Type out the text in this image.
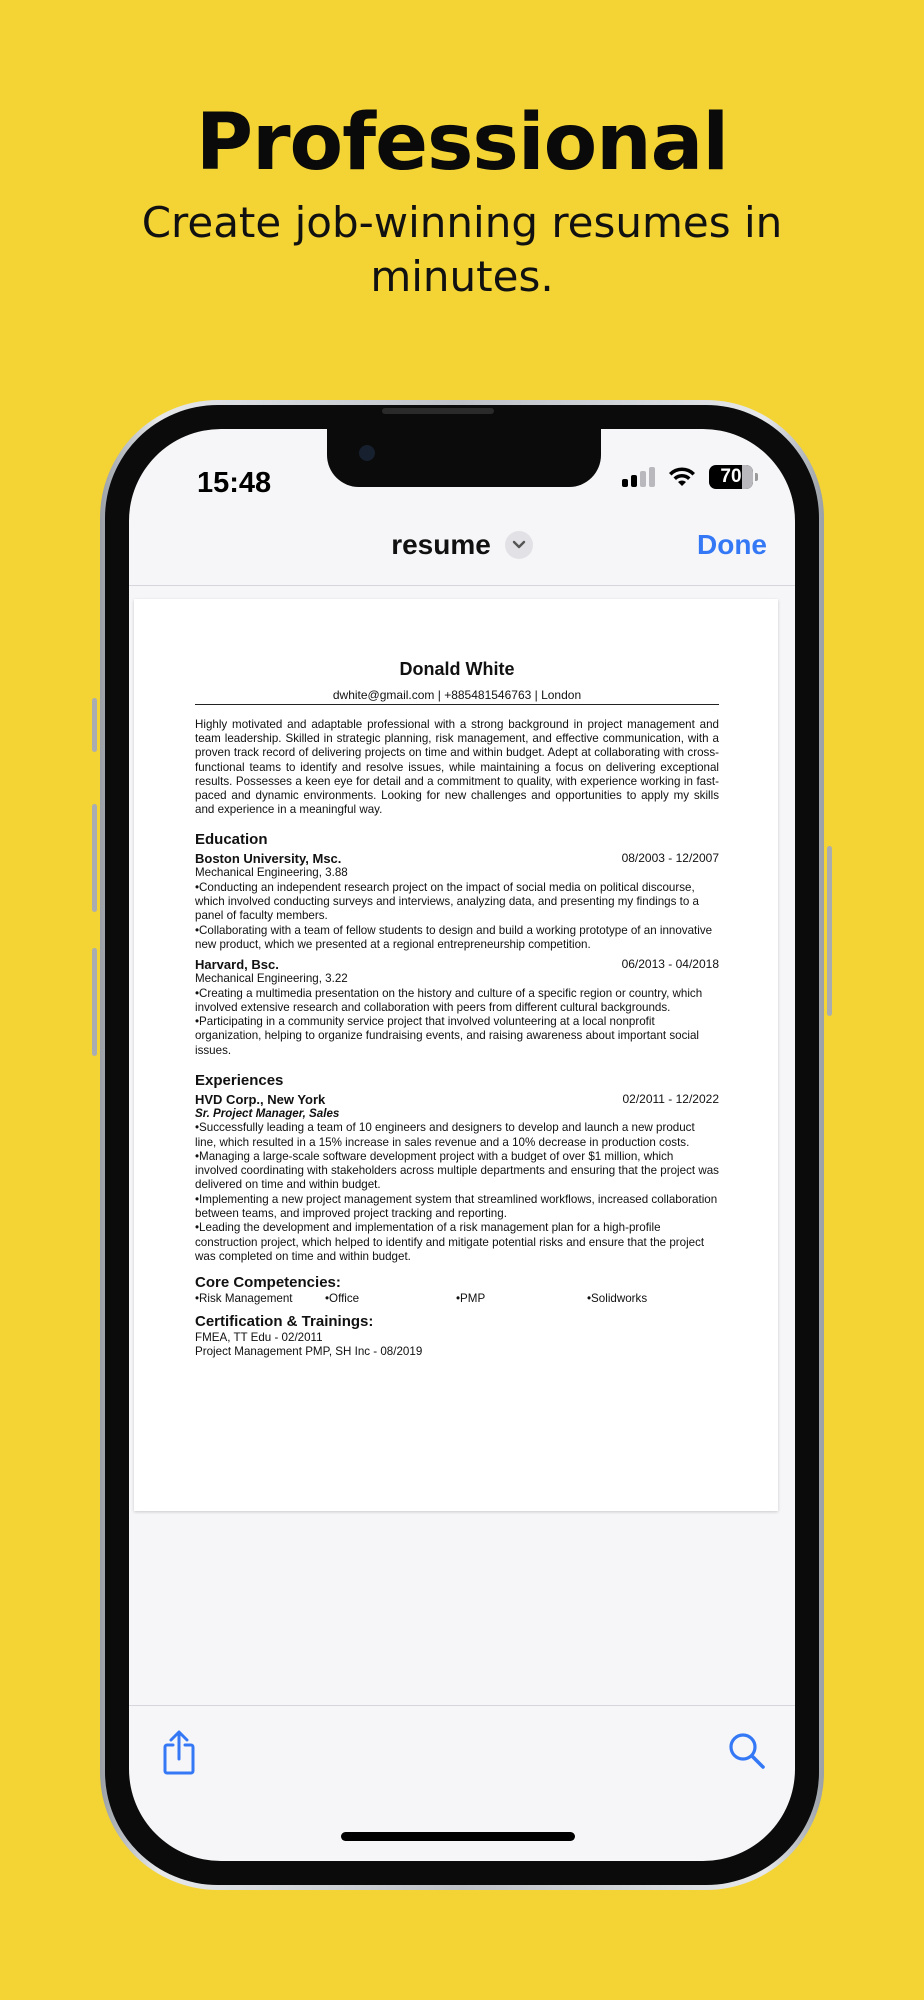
Professional
Create job-winning resumes in minutes.
15:48	70
resume	Done
Donald White
dwhite@gmail.com | +885481546763 | London
Highly motivated and adaptable professional with a strong background in project management and team leadership. Skilled in strategic planning, risk management, and effective communication, with a proven track record of delivering projects on time and within budget. Adept at collaborating with cross-functional teams to identify and resolve issues, while maintaining a focus on delivering exceptional results. Possesses a keen eye for detail and a commitment to quality, with experience working in fast-paced and dynamic environments. Looking for new challenges and opportunities to apply my skills and experience in a meaningful way.
Education
Boston University, Msc.	08/2003 - 12/2007
Mechanical Engineering, 3.88
•Conducting an independent research project on the impact of social media on political discourse, which involved conducting surveys and interviews, analyzing data, and presenting my findings to a panel of faculty members.
•Collaborating with a team of fellow students to design and build a working prototype of an innovative new product, which we presented at a regional entrepreneurship competition.
Harvard, Bsc.	06/2013 - 04/2018
Mechanical Engineering, 3.22
•Creating a multimedia presentation on the history and culture of a specific region or country, which involved extensive research and collaboration with peers from different cultural backgrounds.
•Participating in a community service project that involved volunteering at a local nonprofit organization, helping to organize fundraising events, and raising awareness about important social issues.
Experiences
HVD Corp., New York	02/2011 - 12/2022
Sr. Project Manager, Sales
•Successfully leading a team of 10 engineers and designers to develop and launch a new product line, which resulted in a 15% increase in sales revenue and a 10% decrease in production costs.
•Managing a large-scale software development project with a budget of over $1 million, which involved coordinating with stakeholders across multiple departments and ensuring that the project was delivered on time and within budget.
•Implementing a new project management system that streamlined workflows, increased collaboration between teams, and improved project tracking and reporting.
•Leading the development and implementation of a risk management plan for a high-profile construction project, which helped to identify and mitigate potential risks and ensure that the project was completed on time and within budget.
Core Competencies:
•Risk Management	•Office	•PMP	•Solidworks
Certification & Trainings:
FMEA, TT Edu - 02/2011
Project Management PMP, SH Inc - 08/2019
